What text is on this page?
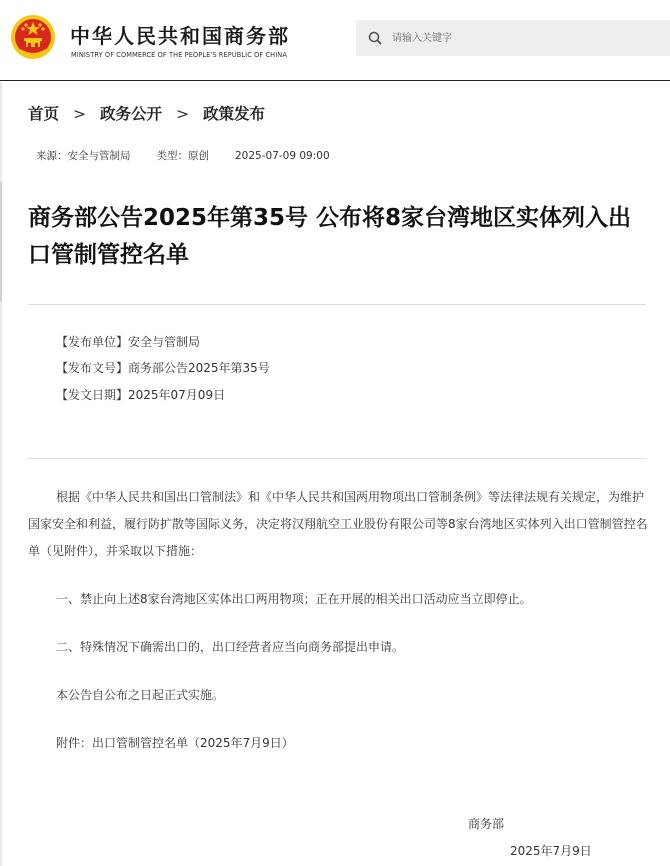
中华人民共和国商务部
MINISTRY OF COMMERCE OF THE PEOPLE'S REPUBLIC OF CHINA
请输入关键字
首页 > 政务公开 > 政策发布
来源：安全与管制局 类型：原创 2025-07-09 09:00
商务部公告2025年第35号 公布将8家台湾地区实体列入出口管制管控名单
【发布单位】安全与管制局
【发布文号】商务部公告2025年第35号
【发文日期】2025年07月09日

根据《中华人民共和国出口管制法》和《中华人民共和国两用物项出口管制条例》等法律法规有关规定，为维护国家安全和利益，履行防扩散等国际义务，决定将汉翔航空工业股份有限公司等8家台湾地区实体列入出口管制管控名单（见附件），并采取以下措施：

一、禁止向上述8家台湾地区实体出口两用物项；正在开展的相关出口活动应当立即停止。

二、特殊情况下确需出口的，出口经营者应当向商务部提出申请。

本公告自公布之日起正式实施。

附件：出口管制管控名单（2025年7月9日）

商务部
2025年7月9日
